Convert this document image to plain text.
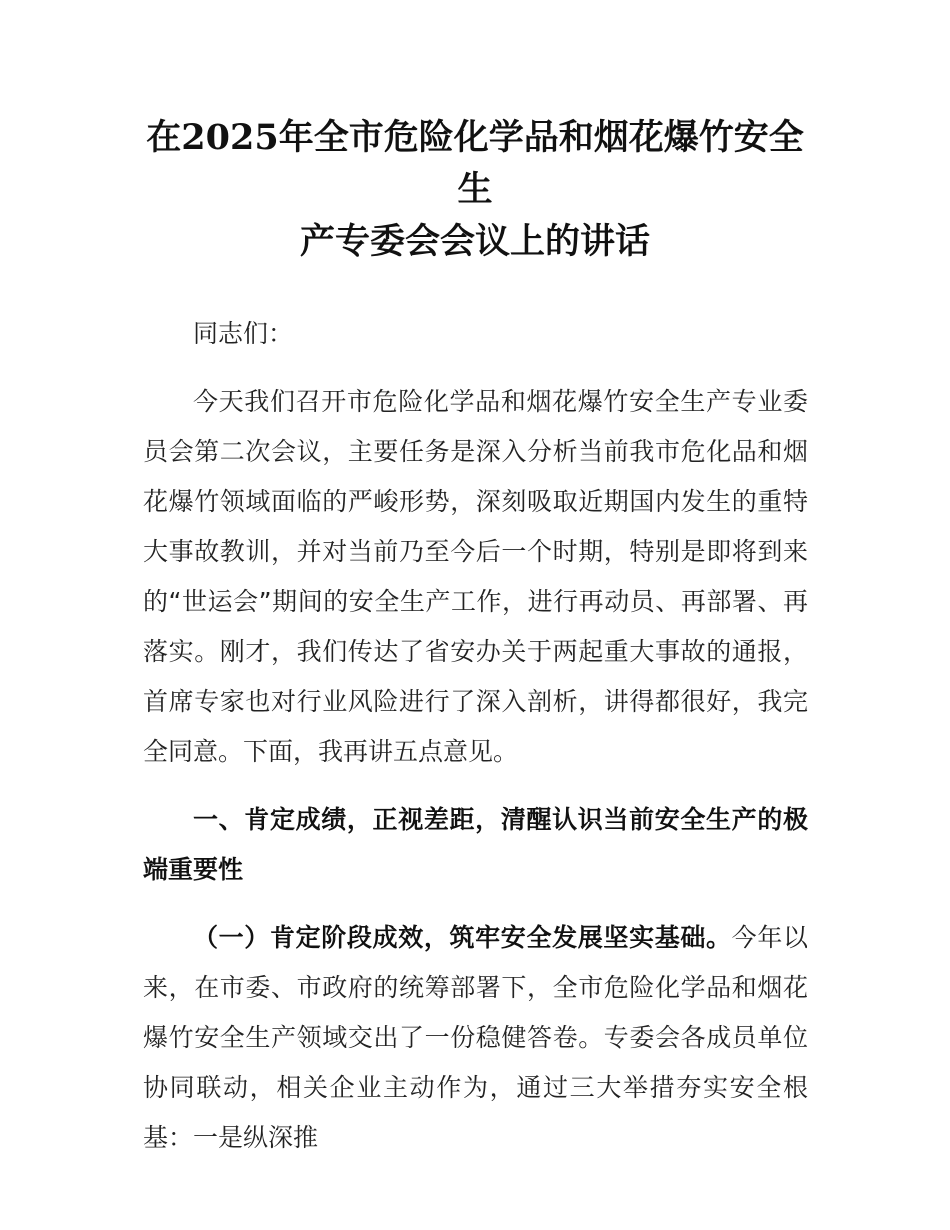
在2025年全市危险化学品和烟花爆竹安全生
产专委会会议上的讲话

同志们：

今天我们召开市危险化学品和烟花爆竹安全生产专业委员会第二次会议，主要任务是深入分析当前我市危化品和烟花爆竹领域面临的严峻形势，深刻吸取近期国内发生的重特大事故教训，并对当前乃至今后一个时期，特别是即将到来的“世运会”期间的安全生产工作，进行再动员、再部署、再落实。刚才，我们传达了省安办关于两起重大事故的通报，首席专家也对行业风险进行了深入剖析，讲得都很好，我完全同意。下面，我再讲五点意见。

一、肯定成绩，正视差距，清醒认识当前安全生产的极端重要性

（一）肯定阶段成效，筑牢安全发展坚实基础。今年以来，在市委、市政府的统筹部署下，全市危险化学品和烟花爆竹安全生产领域交出了一份稳健答卷。专委会各成员单位协同联动，相关企业主动作为，通过三大举措夯实安全根基：一是纵深推
